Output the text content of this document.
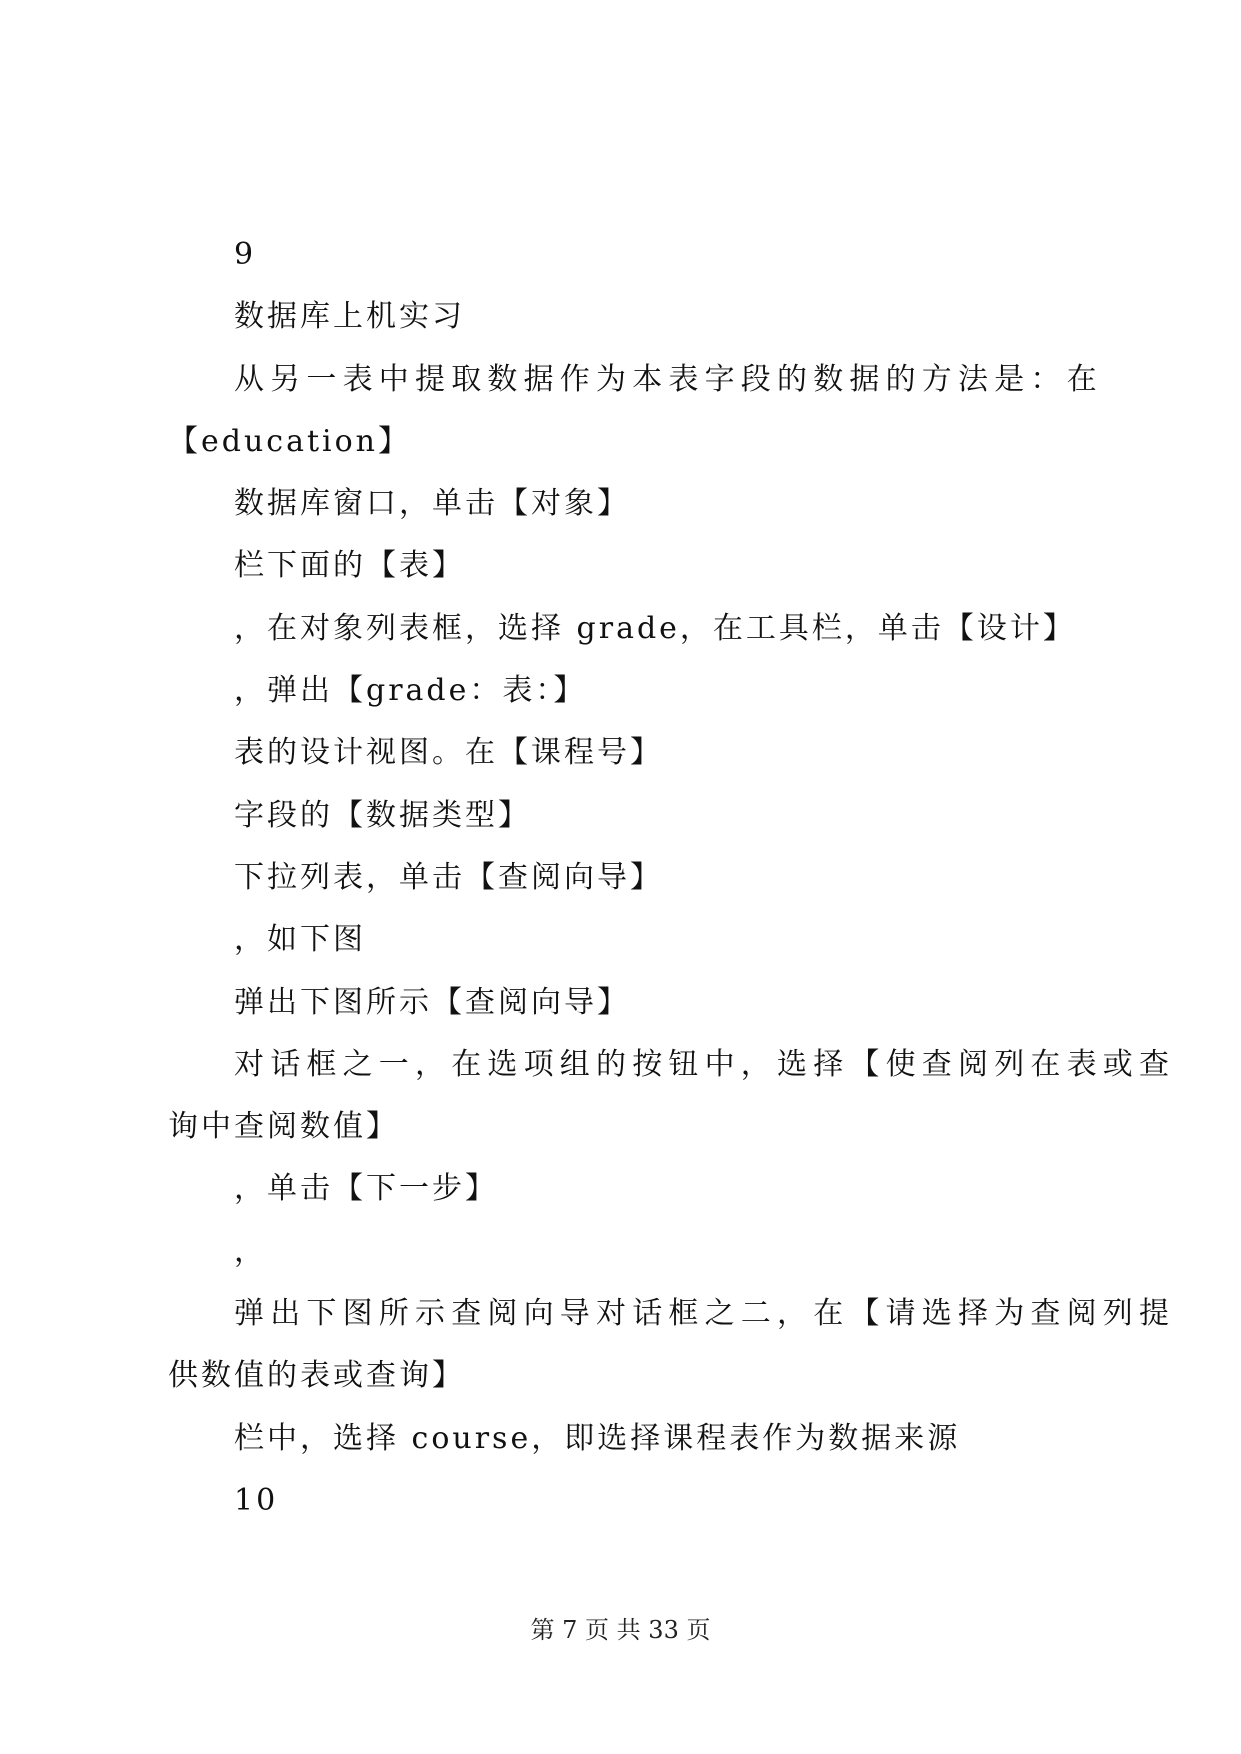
9
数据库上机实习
从另一表中提取数据作为本表字段的数据的方法是：在
【education】
数据库窗口，单击【对象】
栏下面的【表】
，在对象列表框，选择 grade，在工具栏，单击【设计】
，弹出【grade：表：】
表的设计视图。在【课程号】
字段的【数据类型】
下拉列表，单击【查阅向导】
，如下图
弹出下图所示【查阅向导】
对话框之一，在选项组的按钮中，选择【使查阅列在表或查
询中查阅数值】
，单击【下一步】
，
弹出下图所示查阅向导对话框之二，在【请选择为查阅列提
供数值的表或查询】
栏中，选择 course，即选择课程表作为数据来源
10
第 7 页 共 33 页
